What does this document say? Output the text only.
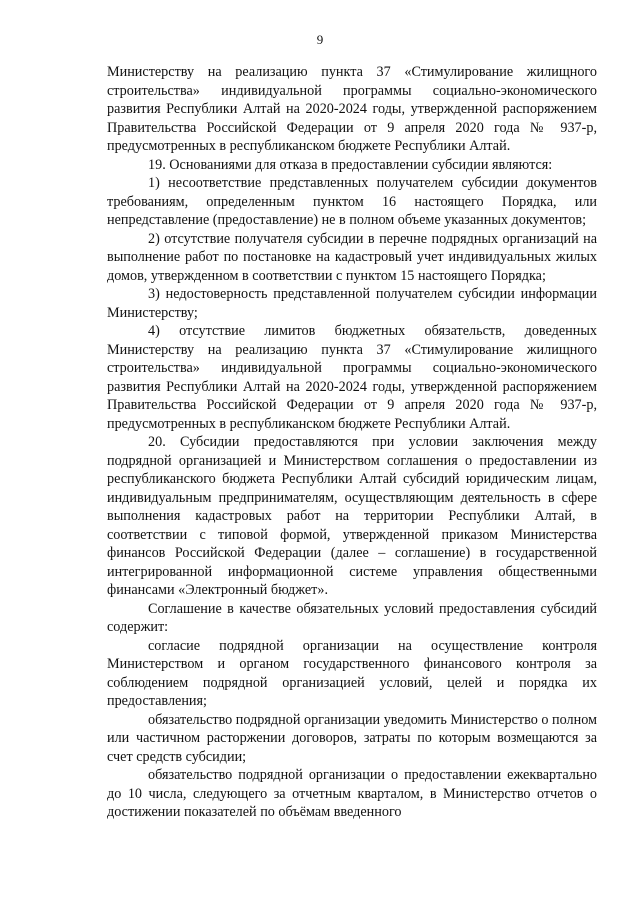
9

Министерству на реализацию пункта 37 «Стимулирование жилищного строительства» индивидуальной программы социально-экономического развития Республики Алтай на 2020-2024 годы, утвержденной распоряжением Правительства Российской Федерации от 9 апреля 2020 года № 937-р, предусмотренных в республиканском бюджете Республики Алтай.

19. Основаниями для отказа в предоставлении субсидии являются:

1) несоответствие представленных получателем субсидии документов требованиям, определенным пунктом 16 настоящего Порядка, или непредставление (предоставление) не в полном объеме указанных документов;

2) отсутствие получателя субсидии в перечне подрядных организаций на выполнение работ по постановке на кадастровый учет индивидуальных жилых домов, утвержденном в соответствии с пунктом 15 настоящего Порядка;

3) недостоверность представленной получателем субсидии информации Министерству;

4) отсутствие лимитов бюджетных обязательств, доведенных Министерству на реализацию пункта 37 «Стимулирование жилищного строительства» индивидуальной программы социально-экономического развития Республики Алтай на 2020-2024 годы, утвержденной распоряжением Правительства Российской Федерации от 9 апреля 2020 года № 937-р, предусмотренных в республиканском бюджете Республики Алтай.

20. Субсидии предоставляются при условии заключения между подрядной организацией и Министерством соглашения о предоставлении из республиканского бюджета Республики Алтай субсидий юридическим лицам, индивидуальным предпринимателям, осуществляющим деятельность в сфере выполнения кадастровых работ на территории Республики Алтай, в соответствии с типовой формой, утвержденной приказом Министерства финансов Российской Федерации (далее – соглашение) в государственной интегрированной информационной системе управления общественными финансами «Электронный бюджет».

Соглашение в качестве обязательных условий предоставления субсидий содержит:

согласие подрядной организации на осуществление контроля Министерством и органом государственного финансового контроля за соблюдением подрядной организацией условий, целей и порядка их предоставления;

обязательство подрядной организации уведомить Министерство о полном или частичном расторжении договоров, затраты по которым возмещаются за счет средств субсидии;

обязательство подрядной организации о предоставлении ежеквартально до 10 числа, следующего за отчетным кварталом, в Министерство отчетов о достижении показателей по объёмам введенного
